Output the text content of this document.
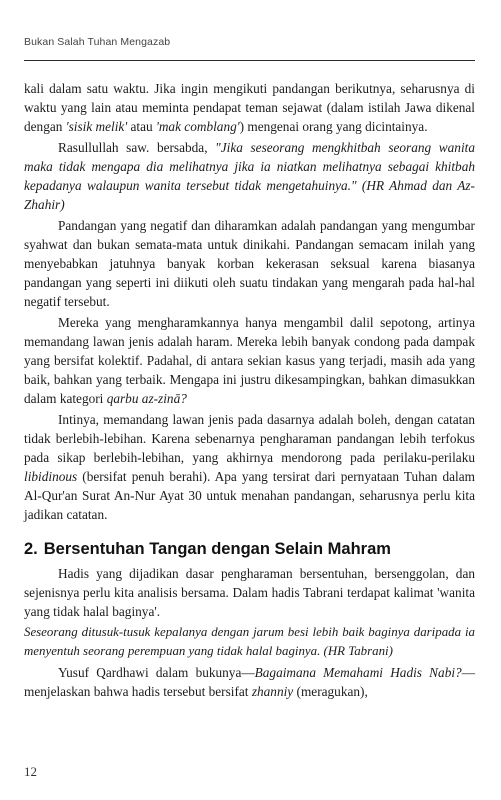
Bukan Salah Tuhan Mengazab

kali dalam satu waktu. Jika ingin mengikuti pandangan berikutnya, seharusnya di waktu yang lain atau meminta pendapat teman sejawat (dalam istilah Jawa dikenal dengan 'sisik melik' atau 'mak comblang') mengenai orang yang dicintainya.

Rasullullah saw. bersabda, "Jika seseorang mengkhitbah seorang wanita maka tidak mengapa dia melihatnya jika ia niatkan melihatnya sebagai khitbah kepadanya walaupun wanita tersebut tidak mengetahuinya." (HR Ahmad dan Az-Zhahir)

Pandangan yang negatif dan diharamkan adalah pandangan yang mengumbar syahwat dan bukan semata-mata untuk dinikahi. Pandangan semacam inilah yang menyebabkan jatuhnya banyak korban kekerasan seksual karena biasanya pandangan yang seperti ini diikuti oleh suatu tindakan yang mengarah pada hal-hal negatif tersebut.

Mereka yang mengharamkannya hanya mengambil dalil sepotong, artinya memandang lawan jenis adalah haram. Mereka lebih banyak condong pada dampak yang bersifat kolektif. Padahal, di antara sekian kasus yang terjadi, masih ada yang baik, bahkan yang terbaik. Mengapa ini justru dikesampingkan, bahkan dimasukkan dalam kategori qarbu az-zinā?

Intinya, memandang lawan jenis pada dasarnya adalah boleh, dengan catatan tidak berlebih-lebihan. Karena sebenarnya pengharaman pandangan lebih terfokus pada sikap berlebih-lebihan, yang akhirnya mendorong pada perilaku-perilaku libidinous (bersifat penuh berahi). Apa yang tersirat dari pernyataan Tuhan dalam Al-Qur'an Surat An-Nur Ayat 30 untuk menahan pandangan, seharusnya perlu kita jadikan catatan.

2. Bersentuhan Tangan dengan Selain Mahram

Hadis yang dijadikan dasar pengharaman bersentuhan, bersenggolan, dan sejenisnya perlu kita analisis bersama. Dalam hadis Tabrani terdapat kalimat 'wanita yang tidak halal baginya'.

Seseorang ditusuk-tusuk kepalanya dengan jarum besi lebih baik baginya daripada ia menyentuh seorang perempuan yang tidak halal baginya. (HR Tabrani)

Yusuf Qardhawi dalam bukunya—Bagaimana Memahami Hadis Nabi?—menjelaskan bahwa hadis tersebut bersifat zhanniy (meragukan),

12
